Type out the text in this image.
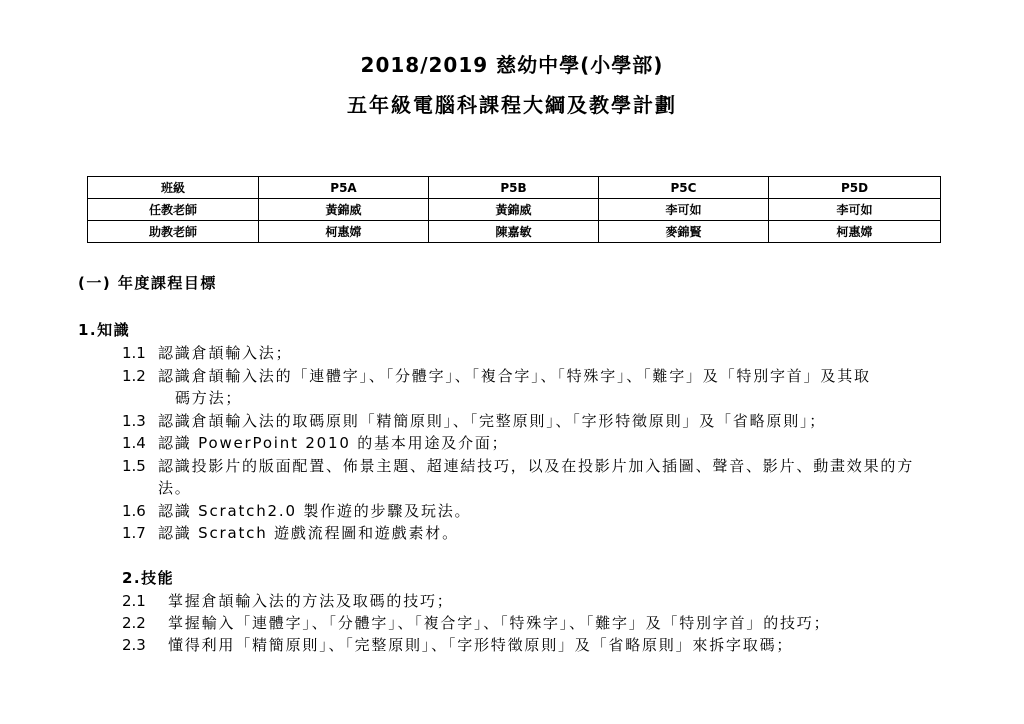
2018/2019 慈幼中學(小學部)
五年級電腦科課程大綱及教學計劃
班級	P5A	P5B	P5C	P5D
任教老師	黃錦威	黃錦威	李可如	李可如
助教老師	柯惠嫦	陳嘉敏	麥錦賢	柯惠嫦
(一) 年度課程目標
1.知識
1.1 認識倉頡輸入法；
1.2 認識倉頡輸入法的「連體字」、「分體字」、「複合字」、「特殊字」、「難字」及「特別字首」及其取
碼方法；
1.3 認識倉頡輸入法的取碼原則「精簡原則」、「完整原則」、「字形特徵原則」及「省略原則」；
1.4 認識 PowerPoint 2010 的基本用途及介面；
1.5 認識投影片的版面配置、佈景主題、超連結技巧，以及在投影片加入插圖、聲音、影片、動畫效果的方
法。
1.6 認識 Scratch2.0 製作遊的步驟及玩法。
1.7 認識 Scratch 遊戲流程圖和遊戲素材。
2.技能
2.1 掌握倉頡輸入法的方法及取碼的技巧；
2.2 掌握輸入「連體字」、「分體字」、「複合字」、「特殊字」、「難字」及「特別字首」的技巧；
2.3 懂得利用「精簡原則」、「完整原則」、「字形特徵原則」及「省略原則」來拆字取碼；
